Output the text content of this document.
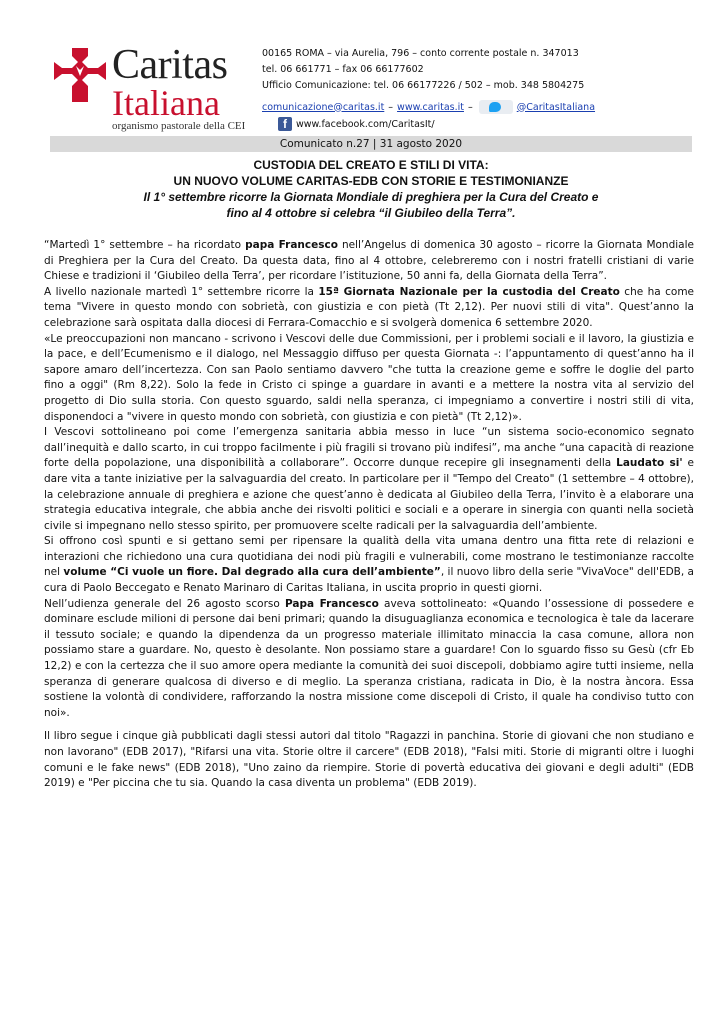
Caritas
Italiana
organismo pastorale della CEI
00165 ROMA – via Aurelia, 796 – conto corrente postale n. 347013
tel. 06 661771 – fax 06 66177602
Ufficio Comunicazione: tel. 06 66177226 / 502 – mob. 348 5804275
comunicazione@caritas.it – www.caritas.it –	@CaritasItaliana
f www.facebook.com/CaritasIt/
Comunicato n.27 | 31 agosto 2020
CUSTODIA DEL CREATO E STILI DI VITA:
UN NUOVO VOLUME CARITAS-EDB CON STORIE E TESTIMONIANZE
Il 1° settembre ricorre la Giornata Mondiale di preghiera per la Cura del Creato e
fino al 4 ottobre si celebra “il Giubileo della Terra”.

“Martedì 1° settembre – ha ricordato papa Francesco nell’Angelus di domenica 30 agosto – ricorre la Giornata Mondiale di Preghiera per la Cura del Creato. Da questa data, fino al 4 ottobre, celebreremo con i nostri fratelli cristiani di varie Chiese e tradizioni il ‘Giubileo della Terra’, per ricordare l’istituzione, 50 anni fa, della Giornata della Terra”.

A livello nazionale martedì 1° settembre ricorre la 15ª Giornata Nazionale per la custodia del Creato che ha come tema "Vivere in questo mondo con sobrietà, con giustizia e con pietà (Tt 2,12). Per nuovi stili di vita". Quest’anno la celebrazione sarà ospitata dalla diocesi di Ferrara-Comacchio e si svolgerà domenica 6 settembre 2020.

«Le preoccupazioni non mancano - scrivono i Vescovi delle due Commissioni, per i problemi sociali e il lavoro, la giustizia e la pace, e dell’Ecumenismo e il dialogo, nel Messaggio diffuso per questa Giornata -: l’appuntamento di quest’anno ha il sapore amaro dell’incertezza. Con san Paolo sentiamo davvero "che tutta la creazione geme e soffre le doglie del parto fino a oggi" (Rm 8,22). Solo la fede in Cristo ci spinge a guardare in avanti e a mettere la nostra vita al servizio del progetto di Dio sulla storia. Con questo sguardo, saldi nella speranza, ci impegniamo a convertire i nostri stili di vita, disponendoci a "vivere in questo mondo con sobrietà, con giustizia e con pietà" (Tt 2,12)».

I Vescovi sottolineano poi come l’emergenza sanitaria abbia messo in luce “un sistema socio-economico segnato dall’inequità e dallo scarto, in cui troppo facilmente i più fragili si trovano più indifesi”, ma anche “una capacità di reazione forte della popolazione, una disponibilità a collaborare”. Occorre dunque recepire gli insegnamenti della Laudato si' e dare vita a tante iniziative per la salvaguardia del creato. In particolare per il "Tempo del Creato" (1 settembre – 4 ottobre), la celebrazione annuale di preghiera e azione che quest’anno è dedicata al Giubileo della Terra, l’invito è a elaborare una strategia educativa integrale, che abbia anche dei risvolti politici e sociali e a operare in sinergia con quanti nella società civile si impegnano nello stesso spirito, per promuovere scelte radicali per la salvaguardia dell’ambiente.

Si offrono così spunti e si gettano semi per ripensare la qualità della vita umana dentro una fitta rete di relazioni e interazioni che richiedono una cura quotidiana dei nodi più fragili e vulnerabili, come mostrano le testimonianze raccolte nel volume “Ci vuole un fiore. Dal degrado alla cura dell’ambiente”, il nuovo libro della serie "VivaVoce" dell'EDB, a cura di Paolo Beccegato e Renato Marinaro di Caritas Italiana, in uscita proprio in questi giorni.

Nell’udienza generale del 26 agosto scorso Papa Francesco aveva sottolineato: «Quando l’ossessione di possedere e dominare esclude milioni di persone dai beni primari; quando la disuguaglianza economica e tecnologica è tale da lacerare il tessuto sociale; e quando la dipendenza da un progresso materiale illimitato minaccia la casa comune, allora non possiamo stare a guardare. No, questo è desolante. Non possiamo stare a guardare! Con lo sguardo fisso su Gesù (cfr Eb 12,2) e con la certezza che il suo amore opera mediante la comunità dei suoi discepoli, dobbiamo agire tutti insieme, nella speranza di generare qualcosa di diverso e di meglio. La speranza cristiana, radicata in Dio, è la nostra àncora. Essa sostiene la volontà di condividere, rafforzando la nostra missione come discepoli di Cristo, il quale ha condiviso tutto con noi».

Il libro segue i cinque già pubblicati dagli stessi autori dal titolo "Ragazzi in panchina. Storie di giovani che non studiano e non lavorano" (EDB 2017), "Rifarsi una vita. Storie oltre il carcere" (EDB 2018), "Falsi miti. Storie di migranti oltre i luoghi comuni e le fake news" (EDB 2018), "Uno zaino da riempire. Storie di povertà educativa dei giovani e degli adulti" (EDB 2019) e "Per piccina che tu sia. Quando la casa diventa un problema" (EDB 2019).
